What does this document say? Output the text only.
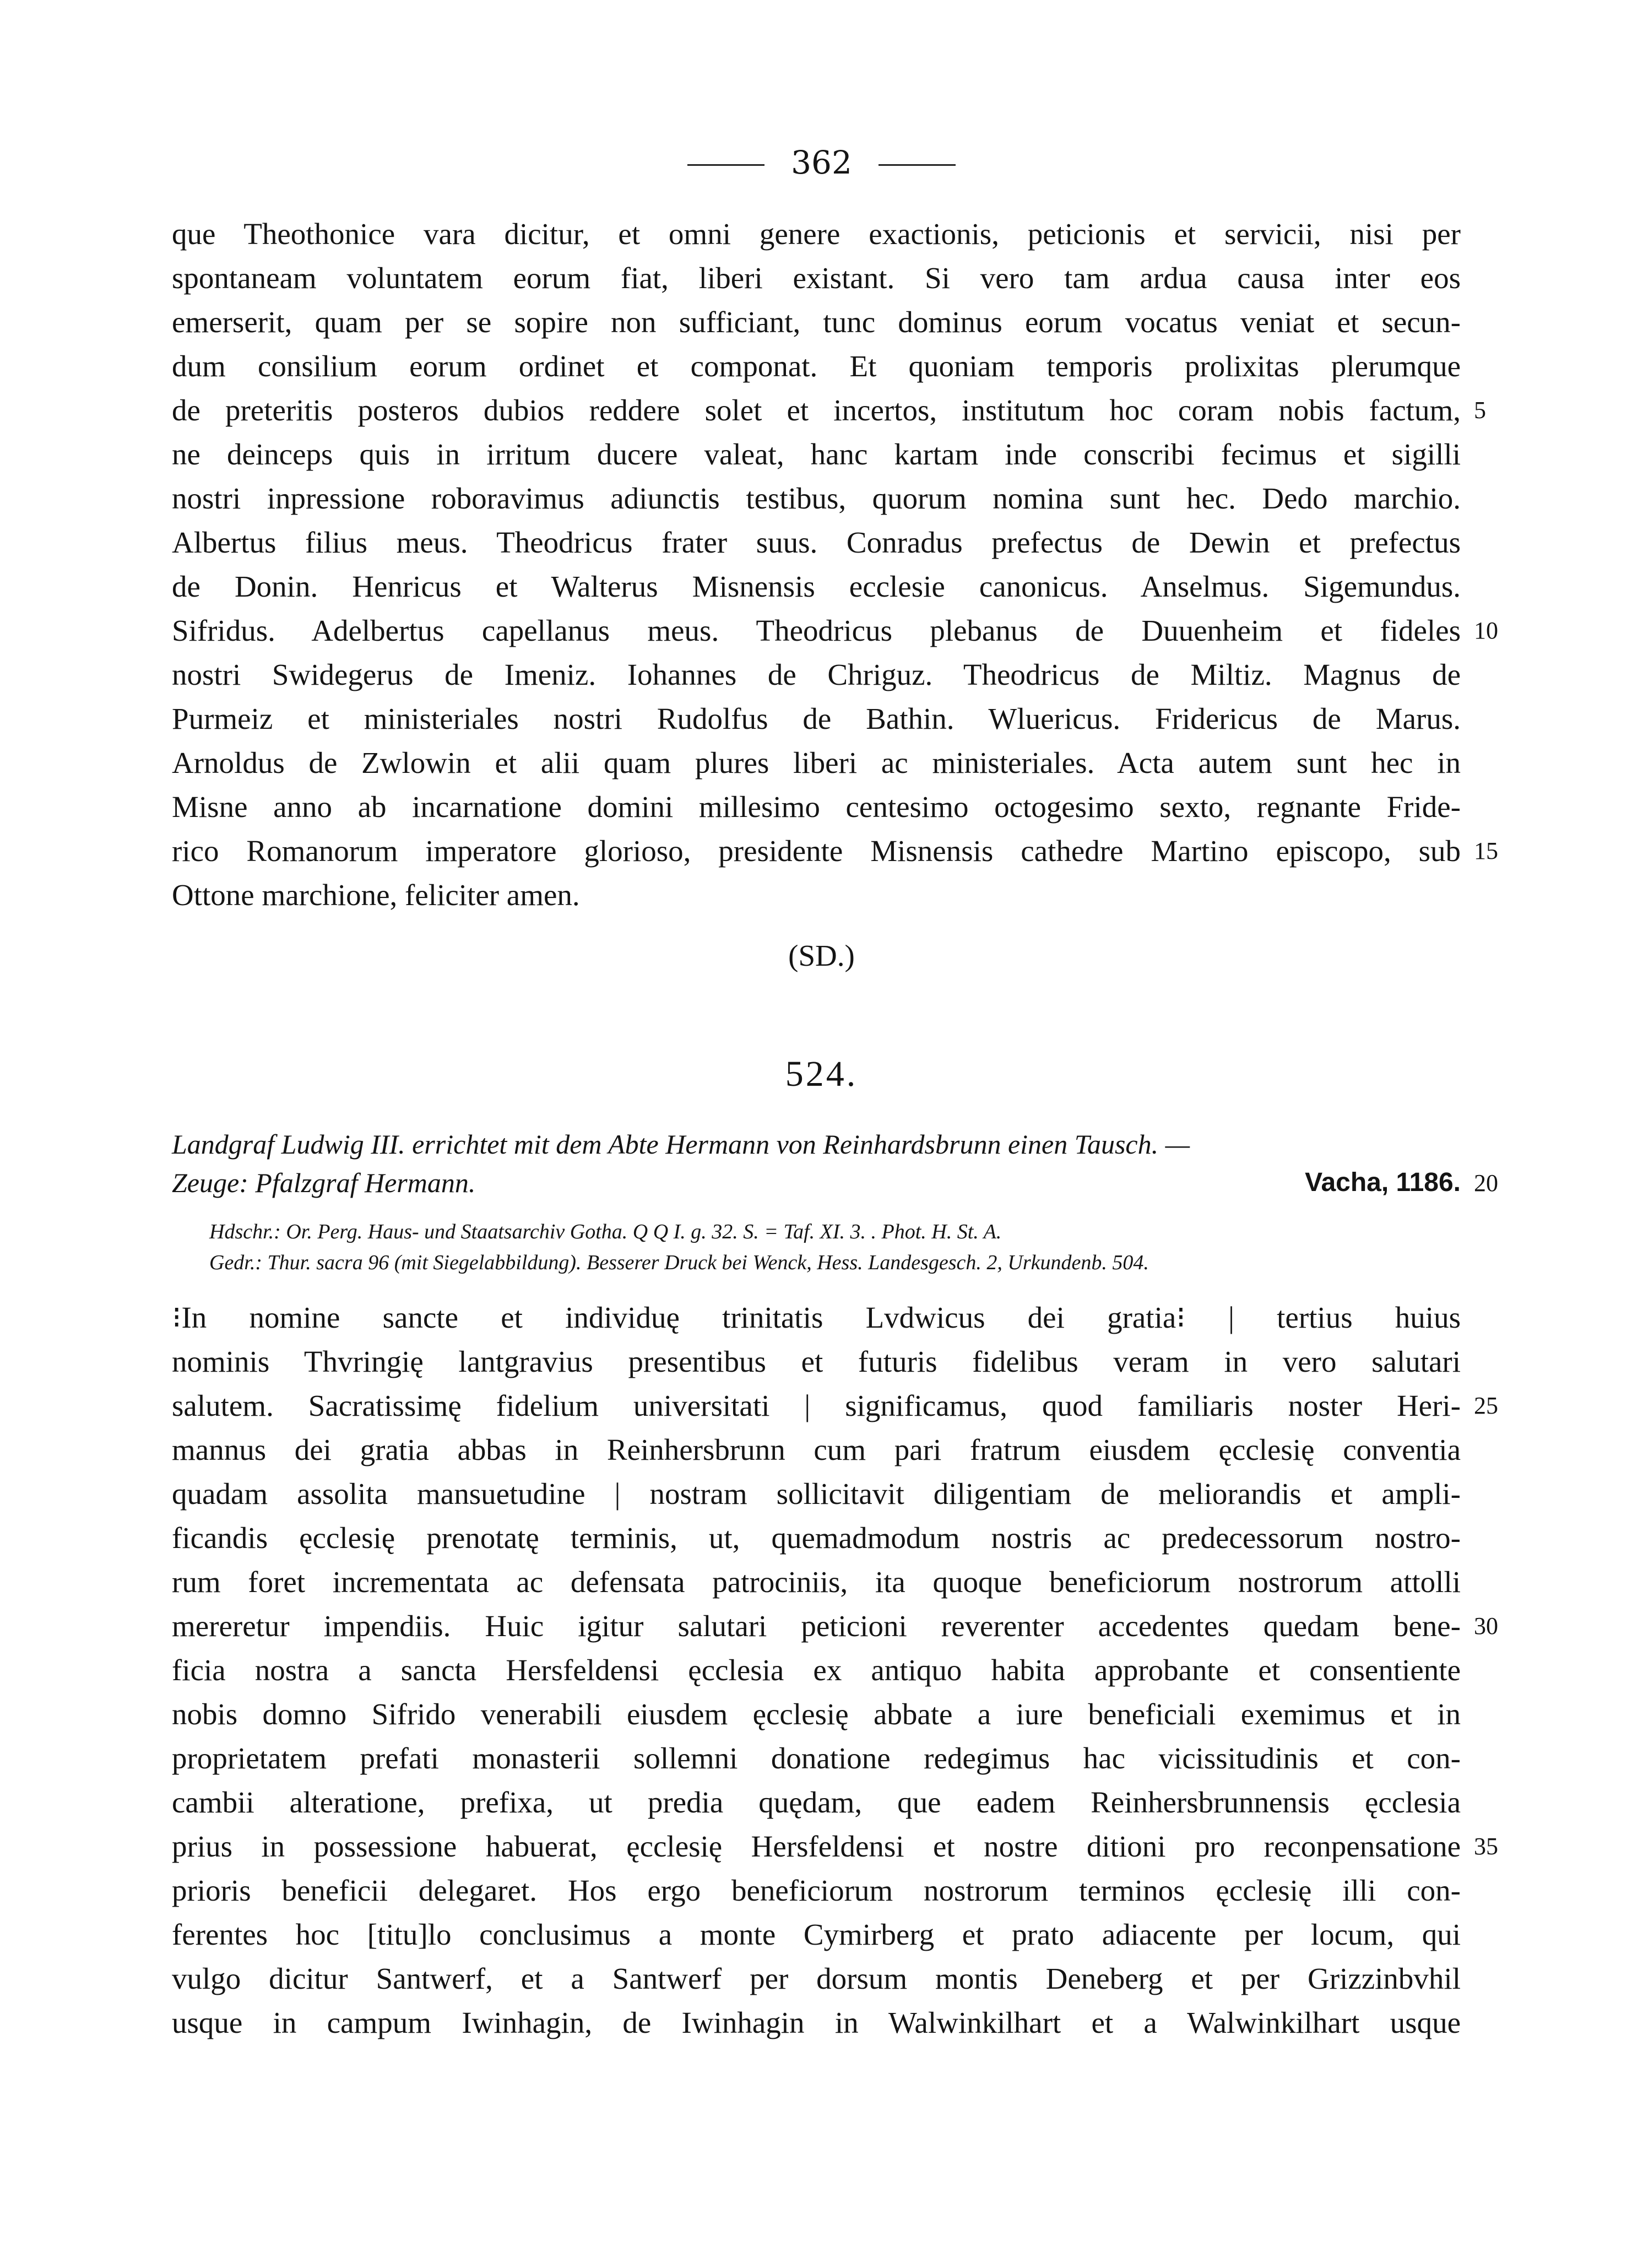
362
que Theothonice vara dicitur, et omni genere exactionis, peticionis et servicii, nisi per
spontaneam voluntatem eorum fiat, liberi existant. Si vero tam ardua causa inter eos
emerserit, quam per se sopire non sufficiant, tunc dominus eorum vocatus veniat et secun-
dum consilium eorum ordinet et componat. Et quoniam temporis prolixitas plerumque
de preteritis posteros dubios reddere solet et incertos, institutum hoc coram nobis factum, 5
ne deinceps quis in irritum ducere valeat, hanc kartam inde conscribi fecimus et sigilli
nostri inpressione roboravimus adiunctis testibus, quorum nomina sunt hec. Dedo marchio.
Albertus filius meus. Theodricus frater suus. Conradus prefectus de Dewin et prefectus
de Donin. Henricus et Walterus Misnensis ecclesie canonicus. Anselmus. Sigemundus.
Sifridus. Adelbertus capellanus meus. Theodricus plebanus de Duuenheim et fideles 10
nostri Swidegerus de Imeniz. Iohannes de Chriguz. Theodricus de Miltiz. Magnus de
Purmeiz et ministeriales nostri Rudolfus de Bathin. Wluericus. Fridericus de Marus.
Arnoldus de Zwlowin et alii quam plures liberi ac ministeriales. Acta autem sunt hec in
Misne anno ab incarnatione domini millesimo centesimo octogesimo sexto, regnante Fride-
rico Romanorum imperatore glorioso, presidente Misnensis cathedre Martino episcopo, sub 15
Ottone marchione, feliciter amen.
(SD.)
524.
Landgraf Ludwig III. errichtet mit dem Abte Hermann von Reinhardsbrunn einen Tausch. —
Zeuge: Pfalzgraf Hermann.	Vacha, 1186. 20
Hdschr.: Or. Perg. Haus- und Staatsarchiv Gotha. Q Q I. g. 32. S. = Taf. XI. 3. . Phot. H. St. A.
Gedr.: Thur. sacra 96 (mit Siegelabbildung). Besserer Druck bei Wenck, Hess. Landesgesch. 2, Urkundenb. 504.
⁝In nomine sancte et individuę trinitatis Lvdwicus dei gratia⁝ | tertius huius
nominis Thvringię lantgravius presentibus et futuris fidelibus veram in vero salutari
salutem. Sacratissimę fidelium universitati | significamus, quod familiaris noster Heri- 25
mannus dei gratia abbas in Reinhersbrunn cum pari fratrum eiusdem ęcclesię conventia
quadam assolita mansuetudine | nostram sollicitavit diligentiam de meliorandis et ampli-
ficandis ęcclesię prenotatę terminis, ut, quemadmodum nostris ac predecessorum nostro-
rum foret incrementata ac defensata patrociniis, ita quoque beneficiorum nostrorum attolli
mereretur impendiis. Huic igitur salutari peticioni reverenter accedentes quedam bene- 30
ficia nostra a sancta Hersfeldensi ęcclesia ex antiquo habita approbante et consentiente
nobis domno Sifrido venerabili eiusdem ęcclesię abbate a iure beneficiali exemimus et in
proprietatem prefati monasterii sollemni donatione redegimus hac vicissitudinis et con-
cambii alteratione, prefixa, ut predia quędam, que eadem Reinhersbrunnensis ęcclesia
prius in possessione habuerat, ęcclesię Hersfeldensi et nostre ditioni pro reconpensatione 35
prioris beneficii delegaret. Hos ergo beneficiorum nostrorum terminos ęcclesię illi con-
ferentes hoc [titu]lo conclusimus a monte Cymirberg et prato adiacente per locum, qui
vulgo dicitur Santwerf, et a Santwerf per dorsum montis Deneberg et per Grizzinbvhil
usque in campum Iwinhagin, de Iwinhagin in Walwinkilhart et a Walwinkilhart usque
